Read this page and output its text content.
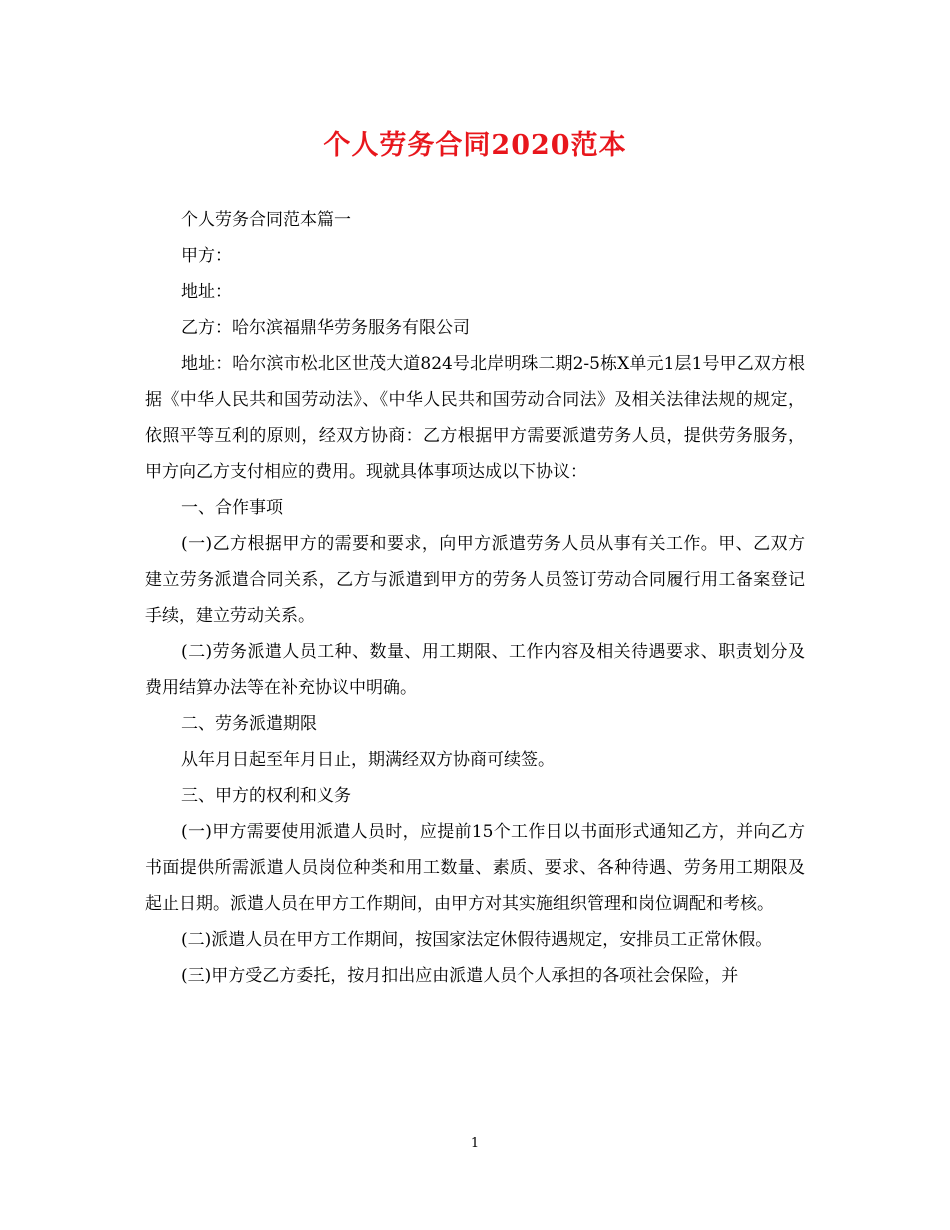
个人劳务合同2020范本

个人劳务合同范本篇一

甲方：

地址：

乙方：哈尔滨福鼎华劳务服务有限公司

地址：哈尔滨市松北区世茂大道824号北岸明珠二期2-5栋X单元1层1号甲乙双方根据《中华人民共和国劳动法》、《中华人民共和国劳动合同法》及相关法律法规的规定，依照平等互利的原则，经双方协商：乙方根据甲方需要派遣劳务人员，提供劳务服务，甲方向乙方支付相应的费用。现就具体事项达成以下协议：

一、合作事项

(一)乙方根据甲方的需要和要求，向甲方派遣劳务人员从事有关工作。甲、乙双方建立劳务派遣合同关系，乙方与派遣到甲方的劳务人员签订劳动合同履行用工备案登记手续，建立劳动关系。

(二)劳务派遣人员工种、数量、用工期限、工作内容及相关待遇要求、职责划分及费用结算办法等在补充协议中明确。

二、劳务派遣期限

从年月日起至年月日止，期满经双方协商可续签。

三、甲方的权利和义务

(一)甲方需要使用派遣人员时，应提前15个工作日以书面形式通知乙方，并向乙方书面提供所需派遣人员岗位种类和用工数量、素质、要求、各种待遇、劳务用工期限及起止日期。派遣人员在甲方工作期间，由甲方对其实施组织管理和岗位调配和考核。

(二)派遣人员在甲方工作期间，按国家法定休假待遇规定，安排员工正常休假。

(三)甲方受乙方委托，按月扣出应由派遣人员个人承担的各项社会保险，并

1
